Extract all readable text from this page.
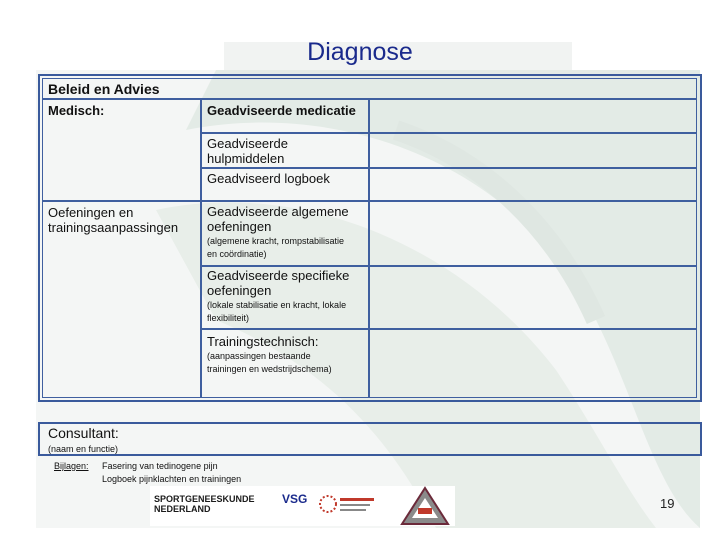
Diagnose
Beleid en Advies
Medisch:
Oefeningen en
trainingsaanpassingen
Geadviseerde medicatie
Geadviseerde
hulpmiddelen
Geadviseerd logboek
Geadviseerde algemene
oefeningen
(algemene kracht, rompstabilisatie
en coördinatie)
Geadviseerde specifieke
oefeningen
(lokale stabilisatie en kracht, lokale
flexibiliteit)
Trainingstechnisch:
(aanpassingen bestaande
trainingen en wedstrijdschema)
Consultant:
(naam en functie)
Bijlagen: Fasering van tedinogene pijn
Logboek pijnklachten en trainingen
SPORTGENEESKUNDE
NEDERLAND
VSG	19
